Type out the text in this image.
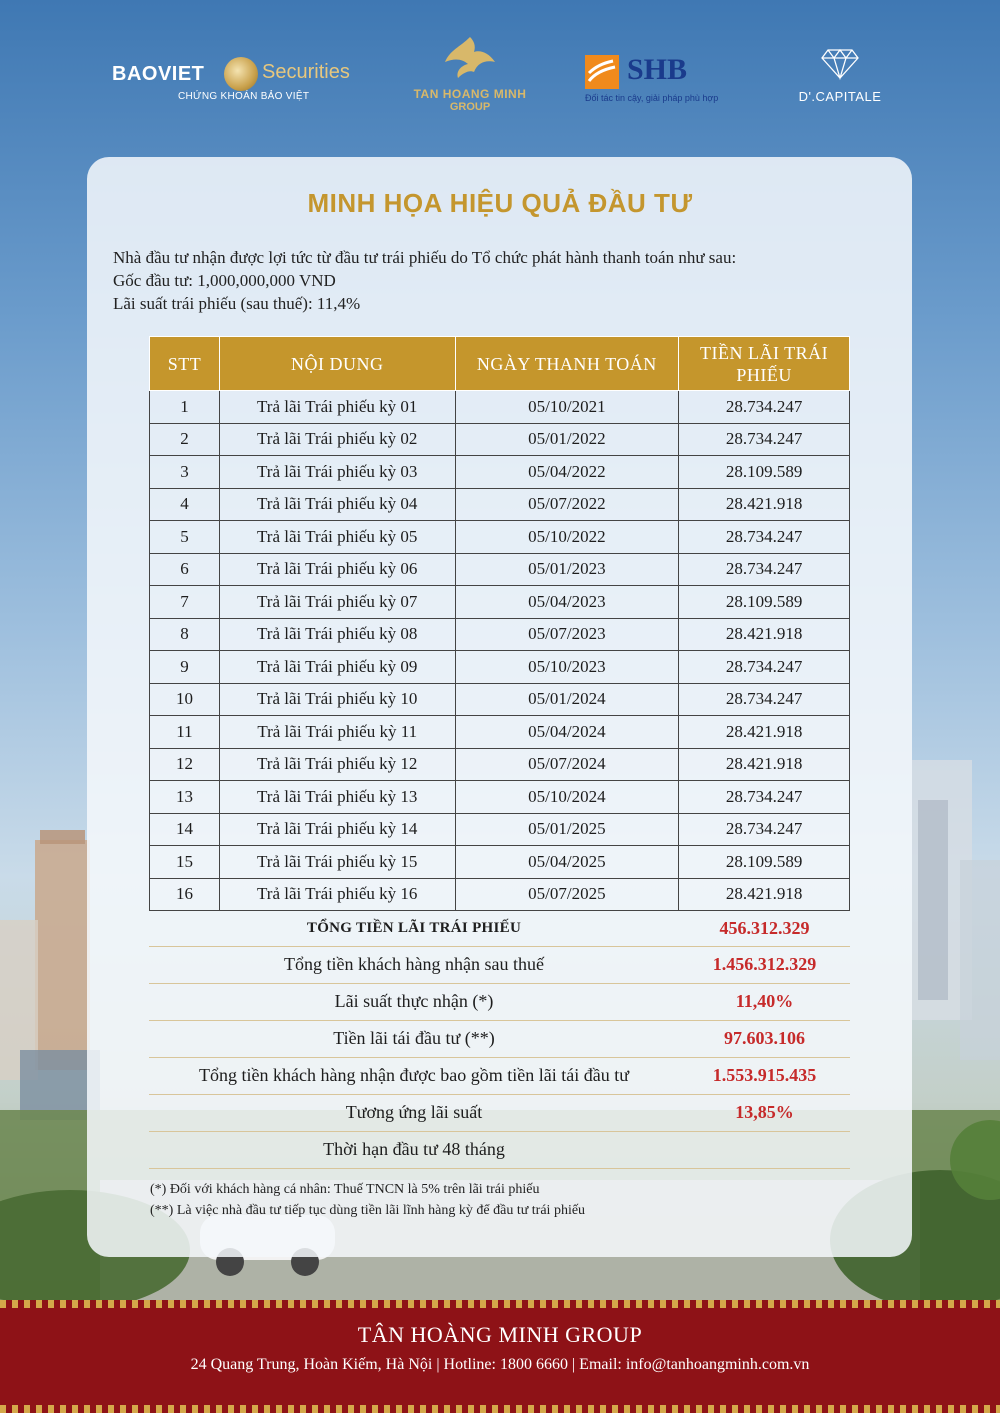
BAOVIET	Securities
CHỨNG KHOÁN BẢO VIỆT	TAN HOANG MINH
GROUP
SHB
Đối tác tin cậy, giải pháp phù hợp	D'.CAPITALE
MINH HỌA HIỆU QUẢ ĐẦU TƯ
Nhà đầu tư nhận được lợi tức từ đầu tư trái phiếu do Tổ chức phát hành thanh toán như sau:
Gốc đầu tư: 1,000,000,000 VND
Lãi suất trái phiếu (sau thuế): 11,4%
STT	NỘI DUNG	NGÀY THANH TOÁN	TIỀN LÃI TRÁI PHIẾU
1	Trả lãi Trái phiếu kỳ 01	05/10/2021	28.734.247
2	Trả lãi Trái phiếu kỳ 02	05/01/2022	28.734.247
3	Trả lãi Trái phiếu kỳ 03	05/04/2022	28.109.589
4	Trả lãi Trái phiếu kỳ 04	05/07/2022	28.421.918
5	Trả lãi Trái phiếu kỳ 05	05/10/2022	28.734.247
6	Trả lãi Trái phiếu kỳ 06	05/01/2023	28.734.247
7	Trả lãi Trái phiếu kỳ 07	05/04/2023	28.109.589
8	Trả lãi Trái phiếu kỳ 08	05/07/2023	28.421.918
9	Trả lãi Trái phiếu kỳ 09	05/10/2023	28.734.247
10	Trả lãi Trái phiếu kỳ 10	05/01/2024	28.734.247
11	Trả lãi Trái phiếu kỳ 11	05/04/2024	28.421.918
12	Trả lãi Trái phiếu kỳ 12	05/07/2024	28.421.918
13	Trả lãi Trái phiếu kỳ 13	05/10/2024	28.734.247
14	Trả lãi Trái phiếu kỳ 14	05/01/2025	28.734.247
15	Trả lãi Trái phiếu kỳ 15	05/04/2025	28.109.589
16	Trả lãi Trái phiếu kỳ 16	05/07/2025	28.421.918
TỔNG TIỀN LÃI TRÁI PHIẾU	456.312.329
Tổng tiền khách hàng nhận sau thuế	1.456.312.329
Lãi suất thực nhận (*)	11,40%
Tiền lãi tái đầu tư (**)	97.603.106
Tổng tiền khách hàng nhận được bao gồm tiền lãi tái đầu tư	1.553.915.435
Tương ứng lãi suất	13,85%
Thời hạn đầu tư 48 tháng	
(*) Đối với khách hàng cá nhân: Thuế TNCN là 5% trên lãi trái phiếu
(**) Là việc nhà đầu tư tiếp tục dùng tiền lãi lĩnh hàng kỳ để đầu tư trái phiếu
TÂN HOÀNG MINH GROUP
24 Quang Trung, Hoàn Kiếm, Hà Nội | Hotline: 1800 6660 | Email: info@tanhoangminh.com.vn
